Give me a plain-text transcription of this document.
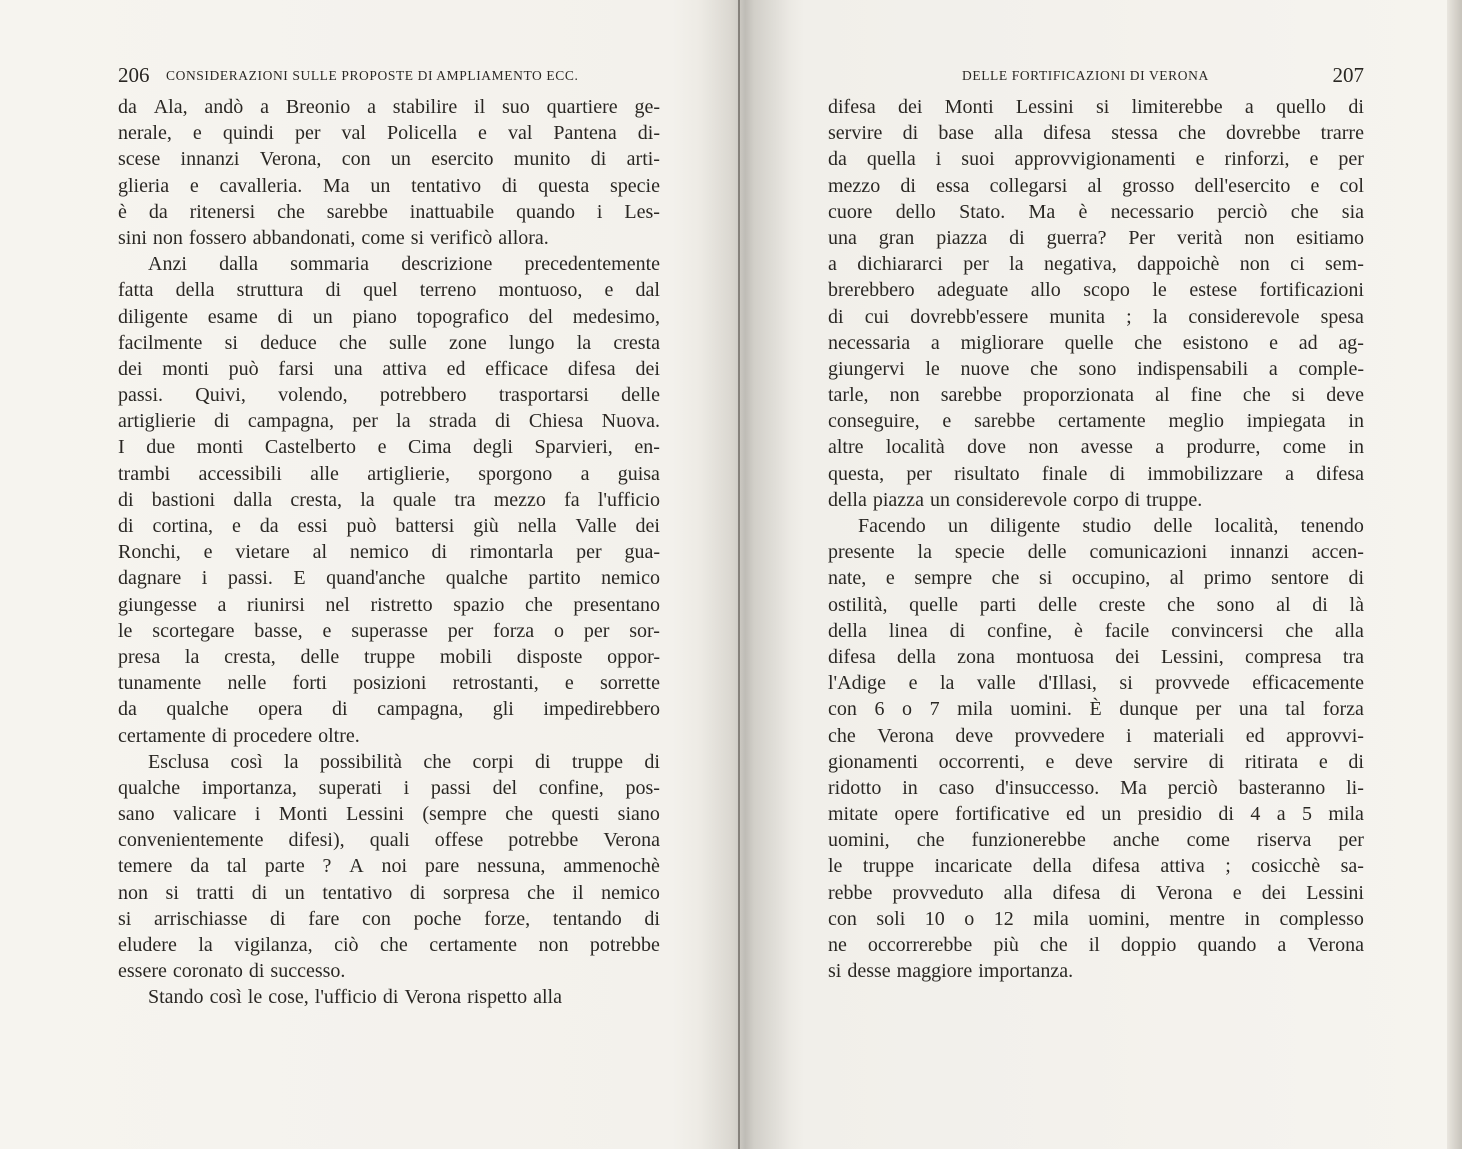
206 CONSIDERAZIONI SULLE PROPOSTE DI AMPLIAMENTO ECC.
da Ala, andò a Breonio a stabilire il suo quartiere ge-
nerale, e quindi per val Policella e val Pantena di-
scese innanzi Verona, con un esercito munito di arti-
glieria e cavalleria. Ma un tentativo di questa specie
è da ritenersi che sarebbe inattuabile quando i Les-
sini non fossero abbandonati, come si verificò allora.
Anzi dalla sommaria descrizione precedentemente
fatta della struttura di quel terreno montuoso, e dal
diligente esame di un piano topografico del medesimo,
facilmente si deduce che sulle zone lungo la cresta
dei monti può farsi una attiva ed efficace difesa dei
passi. Quivi, volendo, potrebbero trasportarsi delle
artiglierie di campagna, per la strada di Chiesa Nuova.
I due monti Castelberto e Cima degli Sparvieri, en-
trambi accessibili alle artiglierie, sporgono a guisa
di bastioni dalla cresta, la quale tra mezzo fa l'ufficio
di cortina, e da essi può battersi giù nella Valle dei
Ronchi, e vietare al nemico di rimontarla per gua-
dagnare i passi. E quand'anche qualche partito nemico
giungesse a riunirsi nel ristretto spazio che presentano
le scortegare basse, e superasse per forza o per sor-
presa la cresta, delle truppe mobili disposte oppor-
tunamente nelle forti posizioni retrostanti, e sorrette
da qualche opera di campagna, gli impedirebbero
certamente di procedere oltre.
Esclusa così la possibilità che corpi di truppe di
qualche importanza, superati i passi del confine, pos-
sano valicare i Monti Lessini (sempre che questi siano
convenientemente difesi), quali offese potrebbe Verona
temere da tal parte ? A noi pare nessuna, ammenochè
non si tratti di un tentativo di sorpresa che il nemico
si arrischiasse di fare con poche forze, tentando di
eludere la vigilanza, ciò che certamente non potrebbe
essere coronato di successo.
Stando così le cose, l'ufficio di Verona rispetto alla
DELLE FORTIFICAZIONI DI VERONA	207
difesa dei Monti Lessini si limiterebbe a quello di
servire di base alla difesa stessa che dovrebbe trarre
da quella i suoi approvvigionamenti e rinforzi, e per
mezzo di essa collegarsi al grosso dell'esercito e col
cuore dello Stato. Ma è necessario perciò che sia
una gran piazza di guerra? Per verità non esitiamo
a dichiararci per la negativa, dappoichè non ci sem-
brerebbero adeguate allo scopo le estese fortificazioni
di cui dovrebb'essere munita ; la considerevole spesa
necessaria a migliorare quelle che esistono e ad ag-
giungervi le nuove che sono indispensabili a comple-
tarle, non sarebbe proporzionata al fine che si deve
conseguire, e sarebbe certamente meglio impiegata in
altre località dove non avesse a produrre, come in
questa, per risultato finale di immobilizzare a difesa
della piazza un considerevole corpo di truppe.
Facendo un diligente studio delle località, tenendo
presente la specie delle comunicazioni innanzi accen-
nate, e sempre che si occupino, al primo sentore di
ostilità, quelle parti delle creste che sono al di là
della linea di confine, è facile convincersi che alla
difesa della zona montuosa dei Lessini, compresa tra
l'Adige e la valle d'Illasi, si provvede efficacemente
con 6 o 7 mila uomini. È dunque per una tal forza
che Verona deve provvedere i materiali ed approvvi-
gionamenti occorrenti, e deve servire di ritirata e di
ridotto in caso d'insuccesso. Ma perciò basteranno li-
mitate opere fortificative ed un presidio di 4 a 5 mila
uomini, che funzionerebbe anche come riserva per
le truppe incaricate della difesa attiva ; cosicchè sa-
rebbe provveduto alla difesa di Verona e dei Lessini
con soli 10 o 12 mila uomini, mentre in complesso
ne occorrerebbe più che il doppio quando a Verona
si desse maggiore importanza.
